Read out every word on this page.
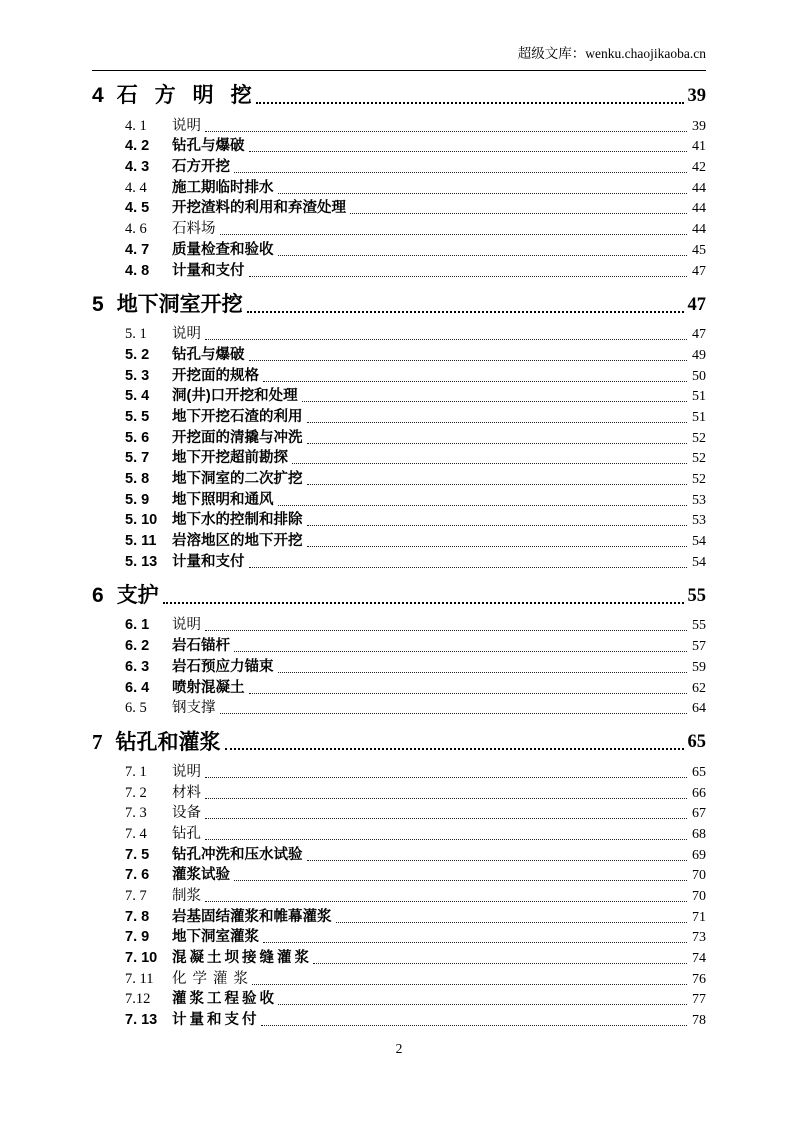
超级文库：wenku.chaojikaoba.cn
4 石方明挖	39
4. 1	说明	39
4. 2	钻孔与爆破	41
4. 3	石方开挖	42
4. 4	施工期临时排水	44
4. 5	开挖渣料的利用和弃渣处理	44
4. 6	石料场	44
4. 7	质量检查和验收	45
4. 8	计量和支付	47
5 地下洞室开挖	47
5. 1	说明	47
5. 2	钻孔与爆破	49
5. 3	开挖面的规格	50
5. 4	洞(井)口开挖和处理	51
5. 5	地下开挖石渣的利用	51
5. 6	开挖面的清撬与冲洗	52
5. 7	地下开挖超前勘探	52
5. 8	地下洞室的二次扩挖	52
5. 9	地下照明和通风	53
5. 10	地下水的控制和排除	53
5. 11	岩溶地区的地下开挖	54
5. 13	计量和支付	54
6 支护	55
6. 1	说明	55
6. 2	岩石锚杆	57
6. 3	岩石预应力锚束	59
6. 4	喷射混凝土	62
6. 5	钢支撑	64
7 钻孔和灌浆	65
7. 1	说明	65
7. 2	材料	66
7. 3	设备	67
7. 4	钻孔	68
7. 5	钻孔冲洗和压水试验	69
7. 6	灌浆试验	70
7. 7	制浆	70
7. 8	岩基固结灌浆和帷幕灌浆	71
7. 9	地下洞室灌浆	73
7. 10	混凝土坝接缝灌浆	74
7. 11	化学灌浆	76
7.12	灌浆工程验收	77
7. 13	计量和支付	78
2
